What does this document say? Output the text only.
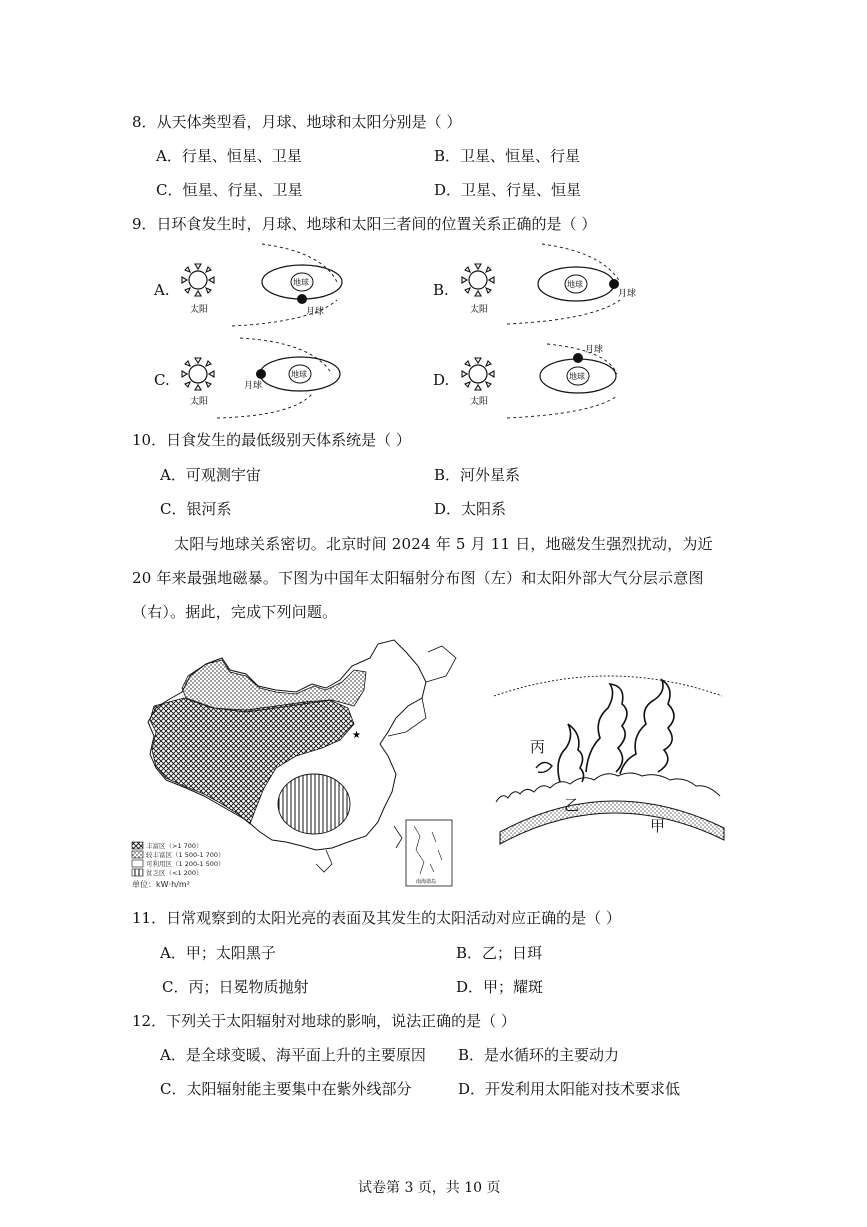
8．从天体类型看，月球、地球和太阳分别是（ ）
A．行星、恒星、卫星	B．卫星、恒星、行星
C．恒星、行星、卫星	D．卫星、行星、恒星
9．日环食发生时，月球、地球和太阳三者间的位置关系正确的是（ ）
A.	B.
C.	D.
太阳
地球
月球	太阳
地球
月球
太阳
地球
月球
太阳
地球
月球
10．日食发生的最低级别天体系统是（ ）
A．可观测宇宙	B．河外星系
C．银河系	D．太阳系
太阳与地球关系密切。北京时间 2024 年 5 月 11 日，地磁发生强烈扰动，为近 20 年来最强地磁暴。下图为中国年太阳辐射分布图（左）和太阳外部大气分层示意图（右）。据此，完成下列问题。
★
南海诸岛
丰富区（>1 700）
较丰富区（1 500-1 700）
可利用区（1 200-1 500）
贫乏区（<1 200）
单位：kW·h/m²
丙
乙
甲
11．日常观察到的太阳光亮的表面及其发生的太阳活动对应正确的是（ ）
A．甲；太阳黑子	B．乙；日珥
C．丙；日冕物质抛射	D．甲；耀斑
12．下列关于太阳辐射对地球的影响，说法正确的是（ ）
A．是全球变暖、海平面上升的主要原因 B．是水循环的主要动力
C．太阳辐射能主要集中在紫外线部分	D．开发利用太阳能对技术要求低
试卷第 3 页，共 10 页
